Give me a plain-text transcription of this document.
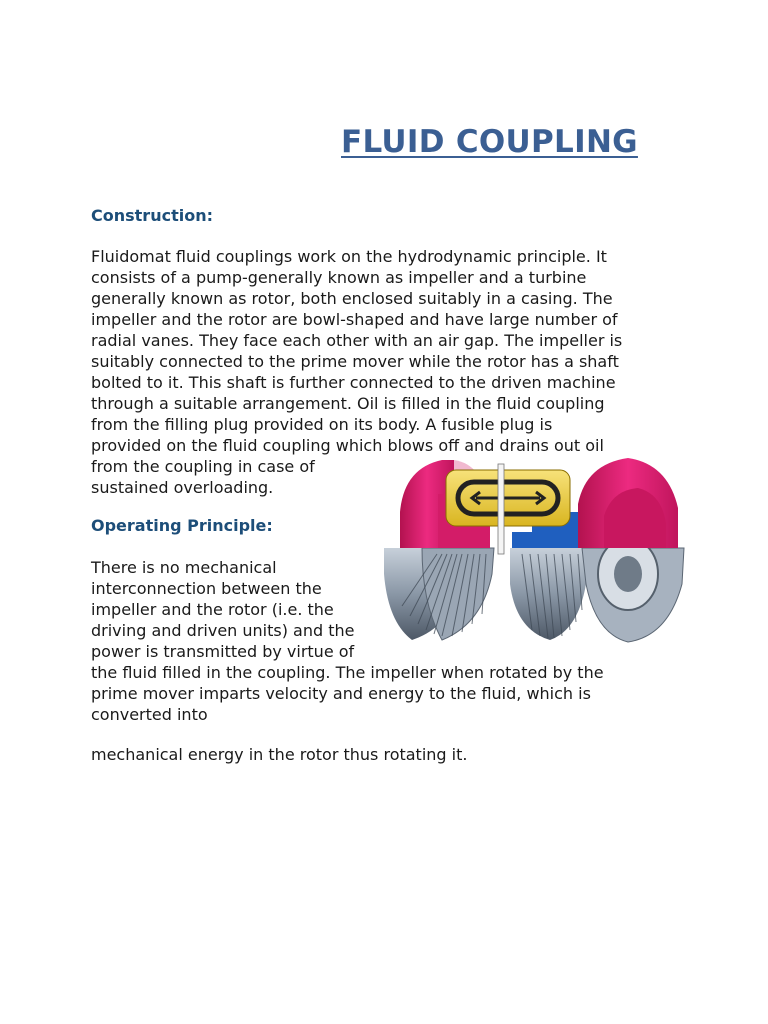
FLUID COUPLING
Construction:
Fluidomat fluid couplings work on the hydrodynamic principle. It
consists of a pump-generally known as impeller and a turbine
generally known as rotor, both enclosed suitably in a casing. The
impeller and the rotor are bowl-shaped and have large number of
radial vanes. They face each other with an air gap. The impeller is
suitably connected to the prime mover while the rotor has a shaft
bolted to it. This shaft is further connected to the driven machine
through a suitable arrangement. Oil is filled in the fluid coupling
from the filling plug provided on its body. A fusible plug is
provided on the fluid coupling which blows off and drains out oil
from the coupling in case of
sustained overloading.
Operating Principle:
There is no mechanical
interconnection between the
impeller and the rotor (i.e. the
driving and driven units) and the
power is transmitted by virtue of
the fluid filled in the coupling. The impeller when rotated by the
prime mover imparts velocity and energy to the fluid, which is
converted into
mechanical energy in the rotor thus rotating it.
